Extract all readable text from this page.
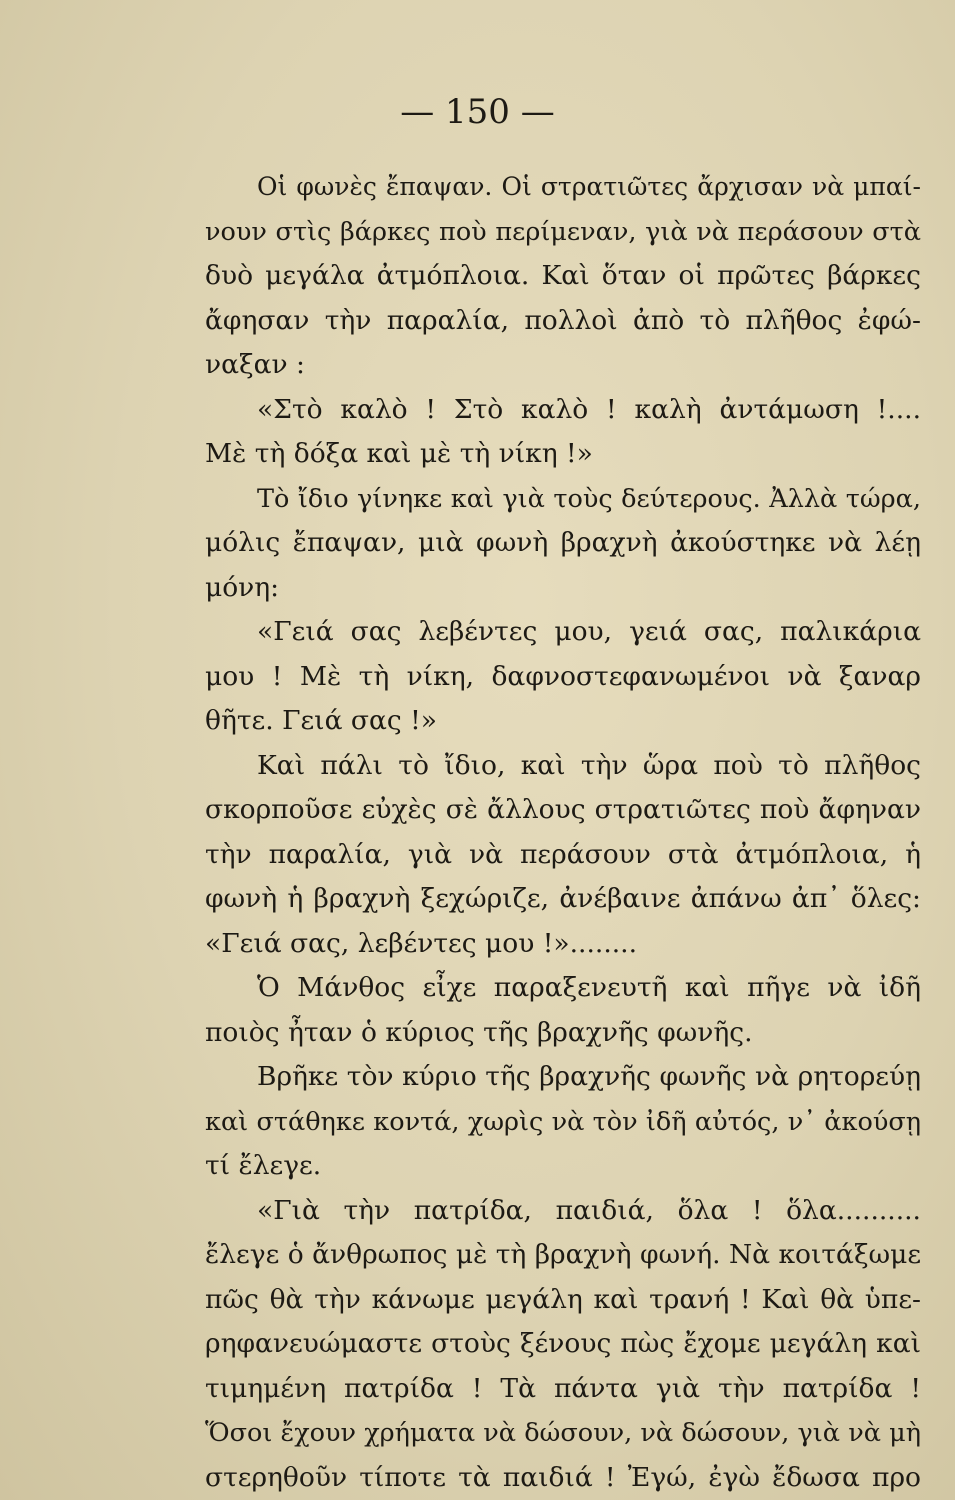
— 150 —
Οἱ φωνὲς ἔπαψαν. Οἱ στρατιῶτες ἄρχισαν νὰ μπαί-
νουν στὶς βάρκες ποὺ περίμεναν, γιὰ νὰ περάσουν στὰ
δυὸ μεγάλα ἀτμόπλοια. Καὶ ὅταν οἱ πρῶτες βάρκες
ἄφησαν τὴν παραλία, πολλοὶ ἀπὸ τὸ πλῆθος ἐφώ-
ναξαν :
«Στὸ καλὸ ! Στὸ καλὸ ! καλὴ ἀντάμωση !....
Μὲ τὴ δόξα καὶ μὲ τὴ νίκη !»
Τὸ ἴδιο γίνηκε καὶ γιὰ τοὺς δεύτερους. Ἀλλὰ τώρα,
μόλις ἔπαψαν, μιὰ φωνὴ βραχνὴ ἀκούστηκε νὰ λέῃ
μόνη:
«Γειά σας λεβέντες μου, γειά σας, παλικάρια
μου ! Μὲ τὴ νίκη, δαφνοστεφανωμένοι νὰ ξαναρ
θῆτε. Γειά σας !»
Καὶ πάλι τὸ ἴδιο, καὶ τὴν ὥρα ποὺ τὸ πλῆθος
σκορποῦσε εὐχὲς σὲ ἄλλους στρατιῶτες ποὺ ἄφηναν
τὴν παραλία, γιὰ νὰ περάσουν στὰ ἀτμόπλοια, ἡ
φωνὴ ἡ βραχνὴ ξεχώριζε, ἀνέβαινε ἀπάνω ἀπ᾽ ὅλες:
«Γειά σας, λεβέντες μου !»........
Ὁ Μάνθος εἶχε παραξενευτῆ καὶ πῆγε νὰ ἰδῆ
ποιὸς ἦταν ὁ κύριος τῆς βραχνῆς φωνῆς.
Βρῆκε τὸν κύριο τῆς βραχνῆς φωνῆς νὰ ρητορεύῃ
καὶ στάθηκε κοντά, χωρὶς νὰ τὸν ἰδῆ αὐτός, ν᾽ ἀκούσῃ
τί ἔλεγε.
«Γιὰ τὴν πατρίδα, παιδιά, ὅλα ! ὅλα..........
ἔλεγε ὁ ἄνθρωπος μὲ τὴ βραχνὴ φωνή. Νὰ κοιτάξωμε
πῶς θὰ τὴν κάνωμε μεγάλη καὶ τρανή ! Καὶ θὰ ὑπε-
ρηφανευώμαστε στοὺς ξένους πὼς ἔχομε μεγάλη καὶ
τιμημένη πατρίδα ! Τὰ πάντα γιὰ τὴν πατρίδα !
Ὅσοι ἔχουν χρήματα νὰ δώσουν, νὰ δώσουν, γιὰ νὰ μὴ
στερηθοῦν τίποτε τὰ παιδιά ! Ἐγώ, ἐγὼ ἔδωσα προ
